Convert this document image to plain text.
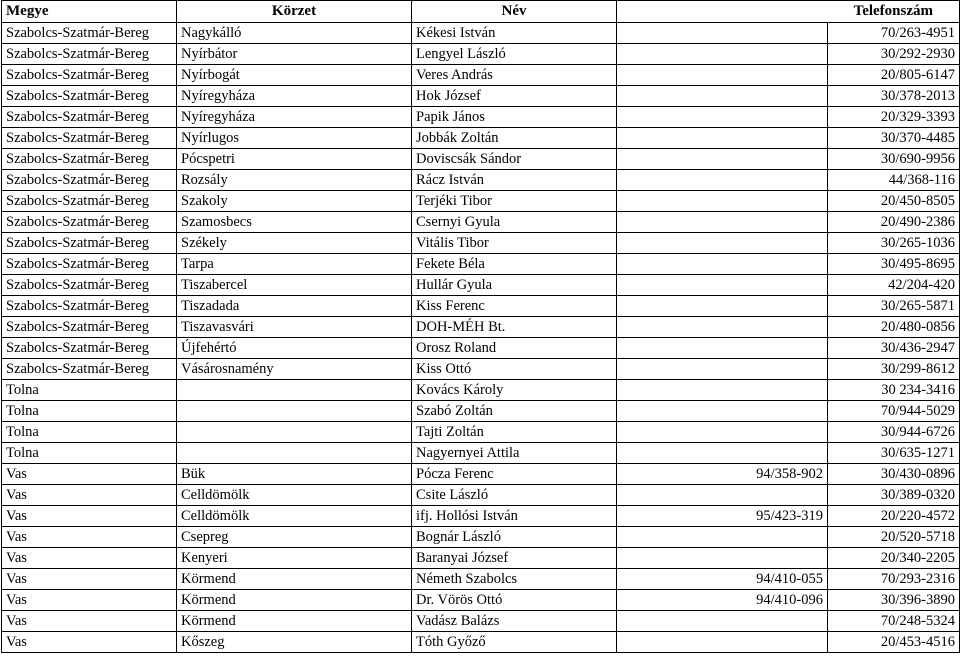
Megye	Körzet	Név	Telefonszám	
Szabolcs-Szatmár-Bereg	Nagykálló	Kékesi István		70/263-4951
Szabolcs-Szatmár-Bereg	Nyírbátor	Lengyel László		30/292-2930
Szabolcs-Szatmár-Bereg	Nyírbogát	Veres András		20/805-6147
Szabolcs-Szatmár-Bereg	Nyíregyháza	Hok József		30/378-2013
Szabolcs-Szatmár-Bereg	Nyíregyháza	Papik János		20/329-3393
Szabolcs-Szatmár-Bereg	Nyírlugos	Jobbák Zoltán		30/370-4485
Szabolcs-Szatmár-Bereg	Pócspetri	Doviscsák Sándor		30/690-9956
Szabolcs-Szatmár-Bereg	Rozsály	Rácz István		44/368-116
Szabolcs-Szatmár-Bereg	Szakoly	Terjéki Tibor		20/450-8505
Szabolcs-Szatmár-Bereg	Szamosbecs	Csernyi Gyula		20/490-2386
Szabolcs-Szatmár-Bereg	Székely	Vitális Tibor		30/265-1036
Szabolcs-Szatmár-Bereg	Tarpa	Fekete Béla		30/495-8695
Szabolcs-Szatmár-Bereg	Tiszabercel	Hullár Gyula		42/204-420
Szabolcs-Szatmár-Bereg	Tiszadada	Kiss Ferenc		30/265-5871
Szabolcs-Szatmár-Bereg	Tiszavasvári	DOH-MÉH Bt.		20/480-0856
Szabolcs-Szatmár-Bereg	Újfehértó	Orosz Roland		30/436-2947
Szabolcs-Szatmár-Bereg	Vásárosnamény	Kiss Ottó		30/299-8612
Tolna		Kovács Károly		30 234-3416
Tolna		Szabó Zoltán		70/944-5029
Tolna		Tajti Zoltán		30/944-6726
Tolna		Nagyernyei Attila		30/635-1271
Vas	Bük	Pócza Ferenc	94/358-902	30/430-0896
Vas	Celldömölk	Csite László		30/389-0320
Vas	Celldömölk	ifj. Hollósi István	95/423-319	20/220-4572
Vas	Csepreg	Bognár László		20/520-5718
Vas	Kenyeri	Baranyai József		20/340-2205
Vas	Körmend	Németh Szabolcs	94/410-055	70/293-2316
Vas	Körmend	Dr. Vörös Ottó	94/410-096	30/396-3890
Vas	Körmend	Vadász Balázs		70/248-5324
Vas	Kőszeg	Tóth Győző		20/453-4516
